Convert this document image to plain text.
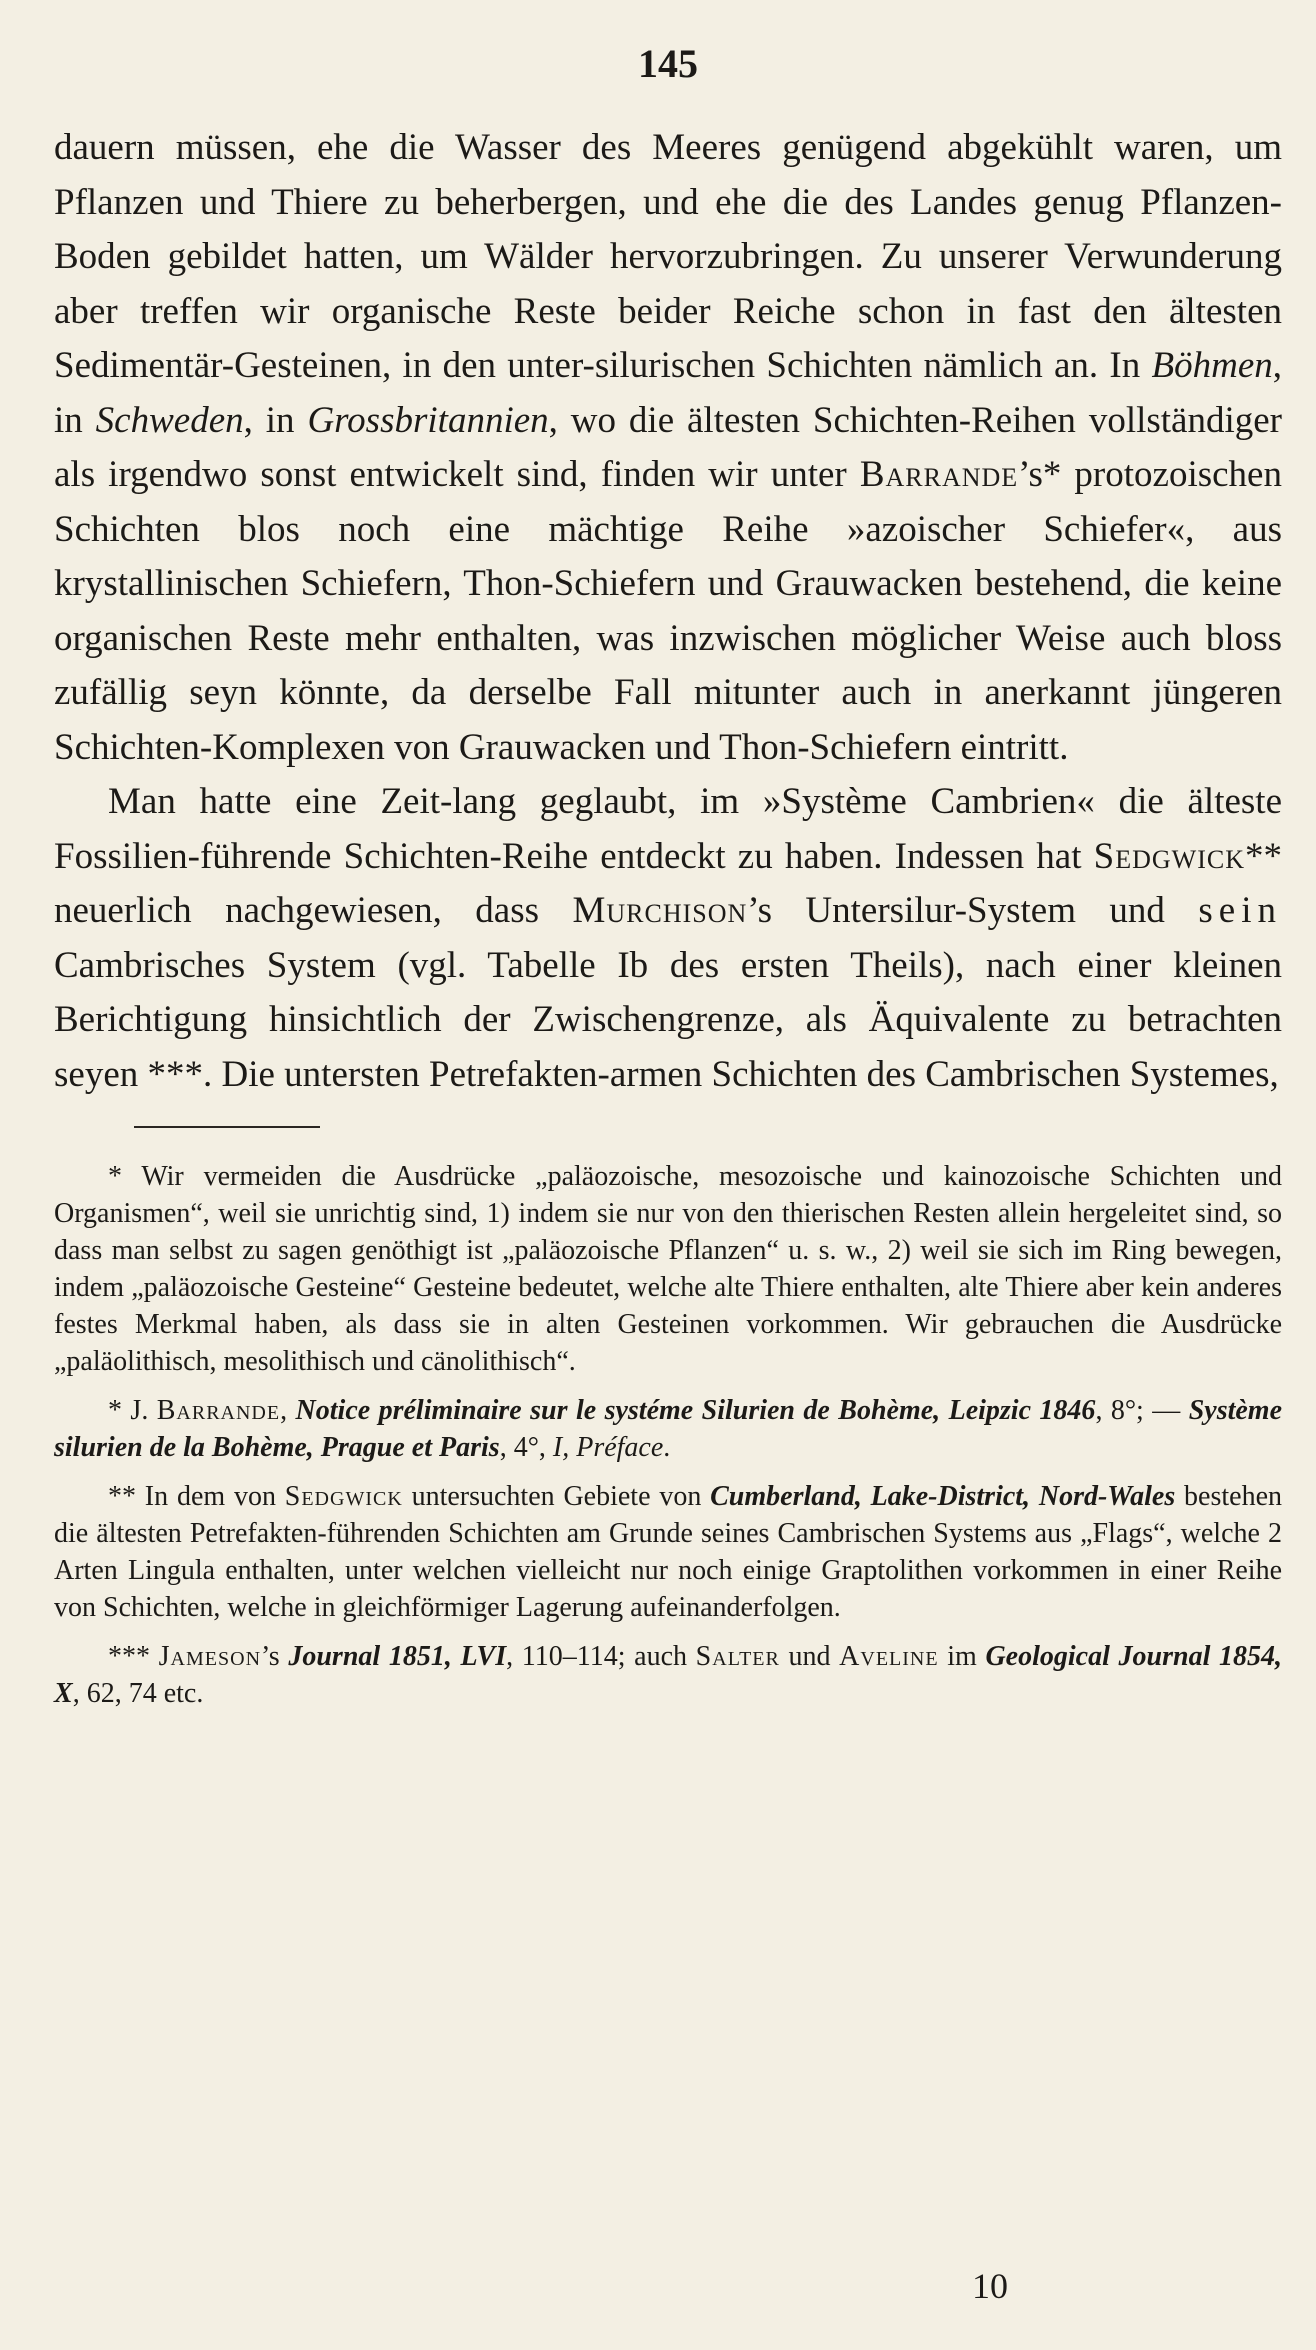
145

dauern müssen, ehe die Wasser des Meeres genügend abgekühlt waren, um Pflanzen und Thiere zu beherbergen, und ehe die des Landes genug Pflanzen-Boden gebildet hatten, um Wälder hervorzubringen. Zu unserer Verwunderung aber treffen wir organische Reste beider Reiche schon in fast den ältesten Sedimentär-Gesteinen, in den unter-silurischen Schichten nämlich an. In Böhmen, in Schweden, in Grossbritannien, wo die ältesten Schichten-Reihen vollständiger als irgendwo sonst entwickelt sind, finden wir unter Barrande’s* protozoischen Schichten blos noch eine mächtige Reihe »azoischer Schiefer«, aus krystallinischen Schiefern, Thon-Schiefern und Grauwacken bestehend, die keine organischen Reste mehr enthalten, was inzwischen möglicher Weise auch bloss zufällig seyn könnte, da derselbe Fall mitunter auch in anerkannt jüngeren Schichten-Komplexen von Grauwacken und Thon-Schiefern eintritt.

Man hatte eine Zeit-lang geglaubt, im »Système Cambrien« die älteste Fossilien-führende Schichten-Reihe entdeckt zu haben. Indessen hat Sedgwick** neuerlich nachgewiesen, dass Murchison’s Untersilur-System und sein Cambrisches System (vgl. Tabelle Ib des ersten Theils), nach einer kleinen Berichtigung hinsichtlich der Zwischengrenze, als Äquivalente zu betrachten seyen ***. Die untersten Petrefakten-armen Schichten des Cambrischen Systemes,

* Wir vermeiden die Ausdrücke „paläozoische, mesozoische und kainozoische Schichten und Organismen“, weil sie unrichtig sind, 1) indem sie nur von den thierischen Resten allein hergeleitet sind, so dass man selbst zu sagen genöthigt ist „paläozoische Pflanzen“ u. s. w., 2) weil sie sich im Ring bewegen, indem „paläozoische Gesteine“ Gesteine bedeutet, welche alte Thiere enthalten, alte Thiere aber kein anderes festes Merkmal haben, als dass sie in alten Gesteinen vorkommen. Wir gebrauchen die Ausdrücke „paläolithisch, mesolithisch und cänolithisch“.

* J. Barrande, Notice préliminaire sur le systéme Silurien de Bohème, Leipzic 1846, 8°; — Système silurien de la Bohème, Prague et Paris, 4°, I, Préface.

** In dem von Sedgwick untersuchten Gebiete von Cumberland, Lake-District, Nord-Wales bestehen die ältesten Petrefakten-führenden Schichten am Grunde seines Cambrischen Systems aus „Flags“, welche 2 Arten Lingula enthalten, unter welchen vielleicht nur noch einige Graptolithen vorkommen in einer Reihe von Schichten, welche in gleichförmiger Lagerung aufeinanderfolgen.

*** Jameson’s Journal 1851, LVI, 110–114; auch Salter und Aveline im Geological Journal 1854, X, 62, 74 etc.

10
